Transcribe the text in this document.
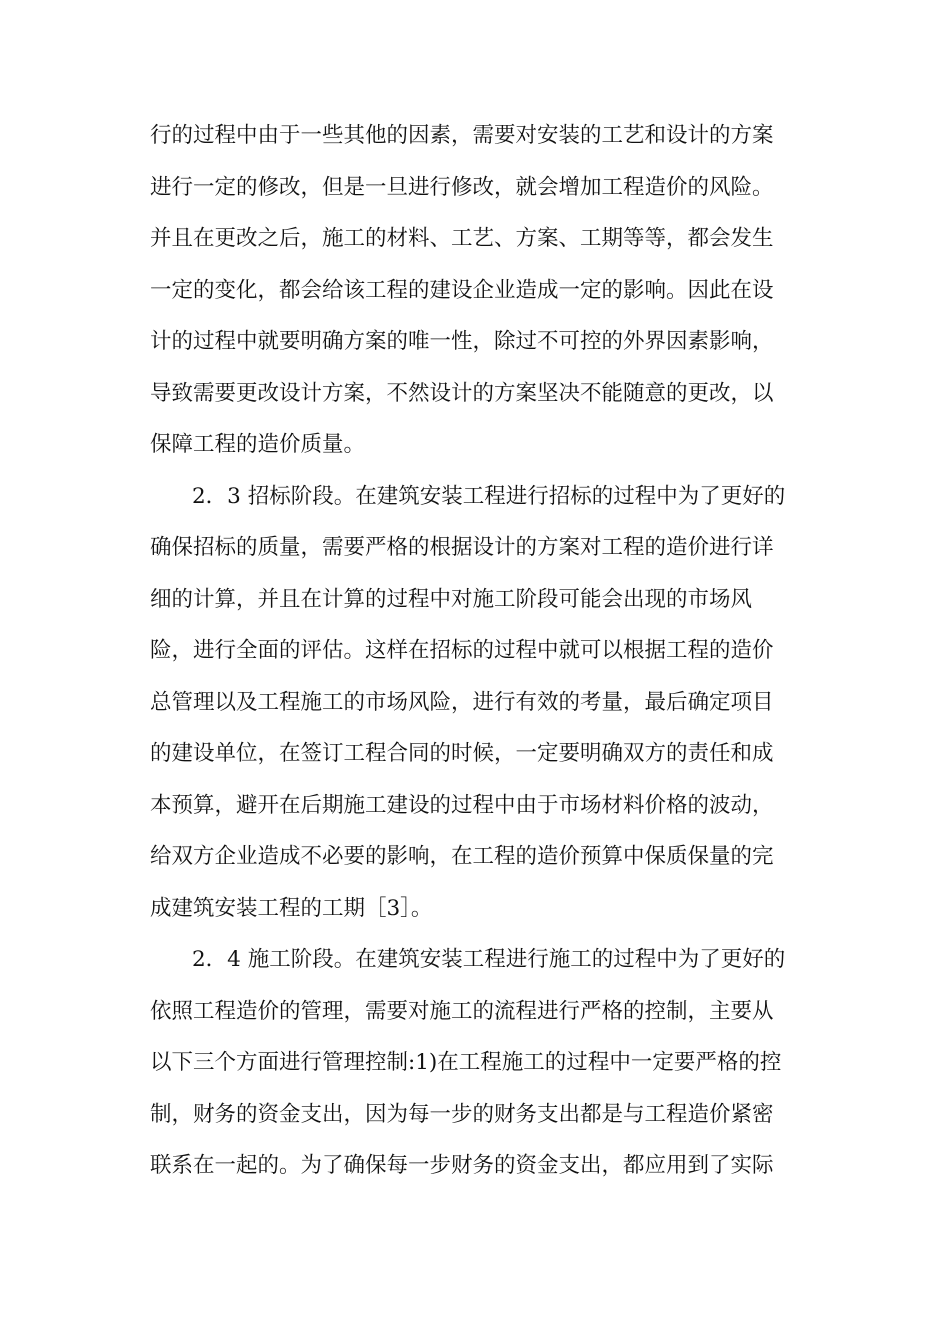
行的过程中由于一些其他的因素，需要对安装的工艺和设计的方案
进行一定的修改，但是一旦进行修改，就会增加工程造价的风险。
并且在更改之后，施工的材料、工艺、方案、工期等等，都会发生
一定的变化，都会给该工程的建设企业造成一定的影响。因此在设
计的过程中就要明确方案的唯一性，除过不可控的外界因素影响，
导致需要更改设计方案，不然设计的方案坚决不能随意的更改，以
保障工程的造价质量。
2．3 招标阶段。在建筑安装工程进行招标的过程中为了更好的
确保招标的质量，需要严格的根据设计的方案对工程的造价进行详
细的计算，并且在计算的过程中对施工阶段可能会出现的市场风
险，进行全面的评估。这样在招标的过程中就可以根据工程的造价
总管理以及工程施工的市场风险，进行有效的考量，最后确定项目
的建设单位，在签订工程合同的时候，一定要明确双方的责任和成
本预算，避开在后期施工建设的过程中由于市场材料价格的波动，
给双方企业造成不必要的影响，在工程的造价预算中保质保量的完
成建筑安装工程的工期［3］。
2．4 施工阶段。在建筑安装工程进行施工的过程中为了更好的
依照工程造价的管理，需要对施工的流程进行严格的控制，主要从
以下三个方面进行管理控制:1)在工程施工的过程中一定要严格的控
制，财务的资金支出，因为每一步的财务支出都是与工程造价紧密
联系在一起的。为了确保每一步财务的资金支出，都应用到了实际
